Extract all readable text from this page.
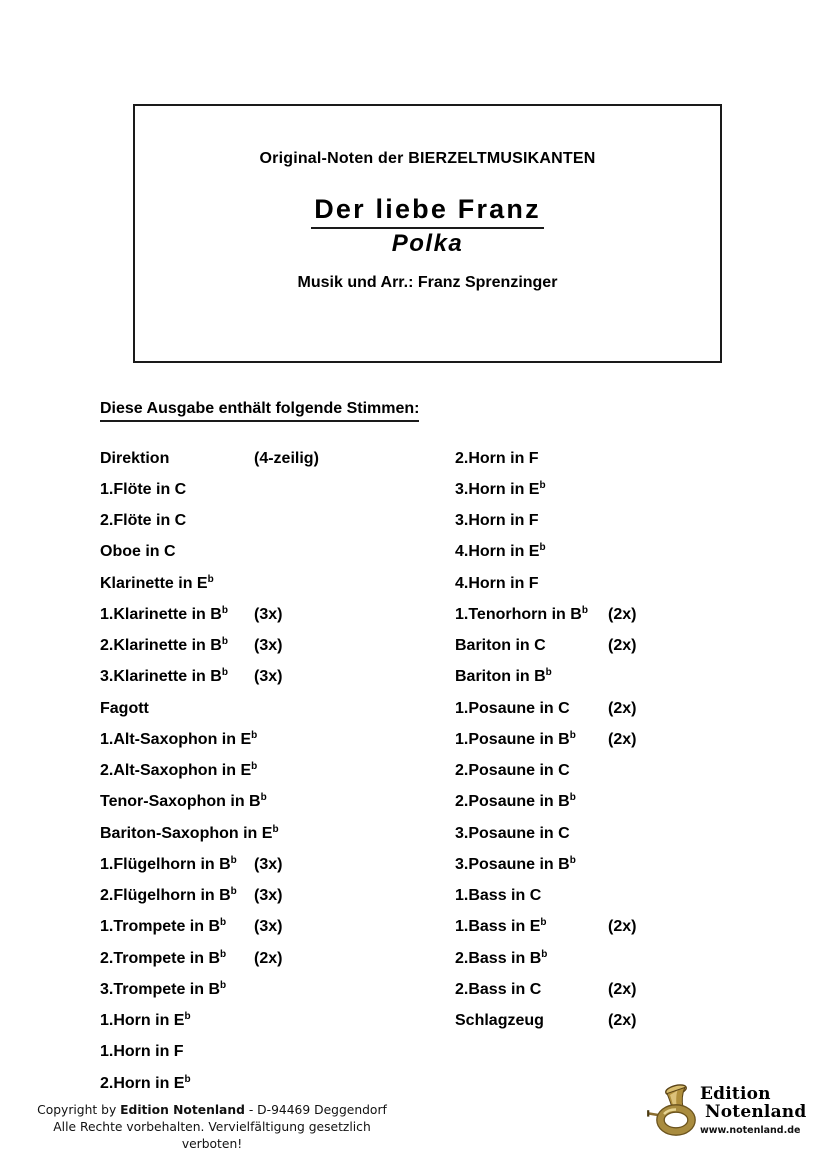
Original-Noten der BIERZELTMUSIKANTEN
Der liebe Franz
Polka
Musik und Arr.: Franz Sprenzinger
Diese Ausgabe enthält folgende Stimmen:
Direktion	(4-zeilig)
1.Flöte in C
2.Flöte in C
Oboe in C
Klarinette in $E^b$
1.Klarinette in $B^b$ (3x)
2.Klarinette in $B^b$ (3x)
3.Klarinette in $B^b$ (3x)
Fagott
1.Alt-Saxophon in $E^b$
2.Alt-Saxophon in $E^b$
Tenor-Saxophon in $B^b$
Bariton-Saxophon in $E^b$
1.Flügelhorn in $B^b$ (3x)
2.Flügelhorn in $B^b$ (3x)
1.Trompete in $B^b$ (3x)
2.Trompete in $B^b$ (2x)
3.Trompete in $B^b$
1.Horn in $E^b$
1.Horn in F
2.Horn in $E^b$
2.Horn in F
3.Horn in $E^b$
3.Horn in F
4.Horn in $E^b$
4.Horn in F
1.Tenorhorn in $B^b$ (2x)
Bariton in C	(2x)
Bariton in $B^b$
1.Posaune in C (2x)
1.Posaune in $B^b$ (2x)
2.Posaune in C
2.Posaune in $B^b$
3.Posaune in C
3.Posaune in $B^b$
1.Bass in C
1.Bass in $E^b$	(2x)
2.Bass in $B^b$
2.Bass in C	(2x)
Schlagzeug	(2x)
Copyright by Edition Notenland - D-94469 Deggendorf
Alle Rechte vorbehalten. Vervielfältigung gesetzlich verboten!
Edition
Notenland
www.notenland.de
